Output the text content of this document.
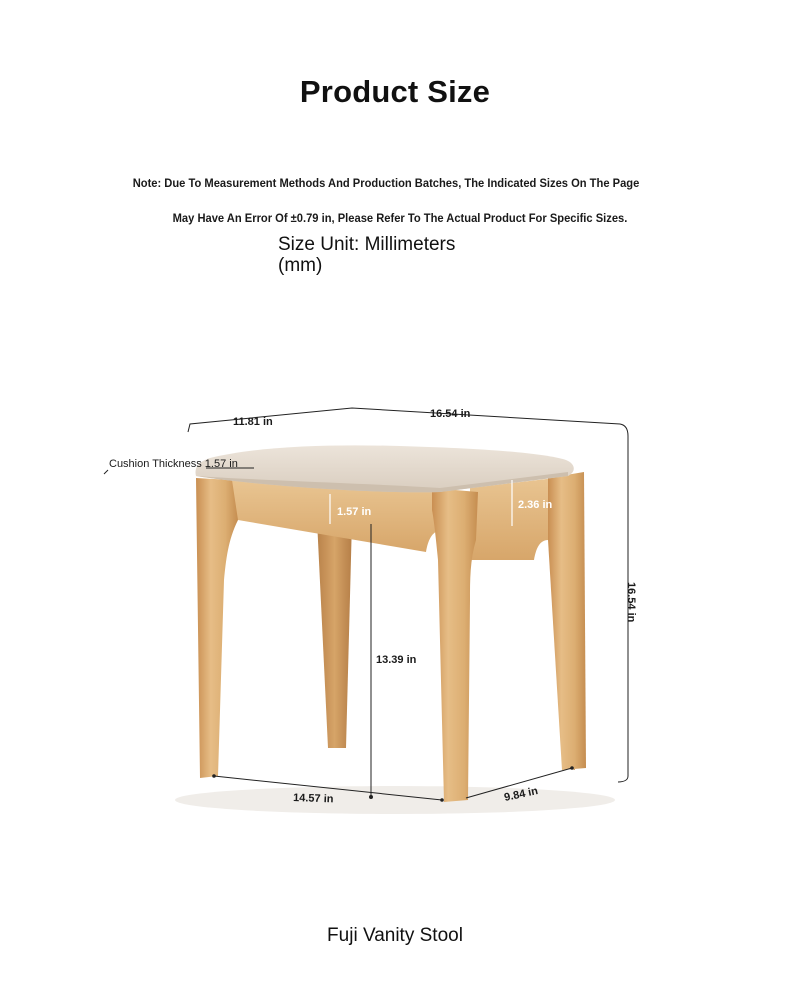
Product Size
Note: Due To Measurement Methods And Production Batches, The Indicated Sizes On The Page
May Have An Error Of ±0.79 in, Please Refer To The Actual Product For Specific Sizes.
Size Unit: Millimeters
(mm)
11.81 in
16.54 in
Cushion Thickness 1.57 in
1.57 in
2.36 in
16.54 in
13.39 in
14.57 in	9.84 in
Fuji Vanity Stool
